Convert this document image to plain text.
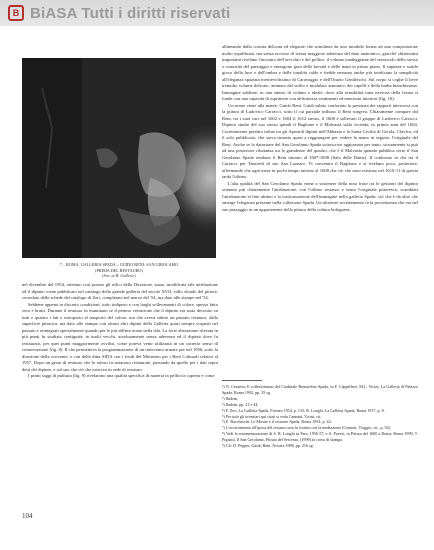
B BiASA Tutti i diritti riservati
7 – ROMA, GALLERIA SPADA – GUIDO RENI: SAN GIROLAMO
(PRIMA DEL RESTAURO)
(Sov. ai B. Gallerie)

nel dicembre del 1954, ottenuto così pronto gli uffici della Direzione, siano, modificata tale attribuzione ed il dipinto viene pubblicato nel catalogo della grande galleria del secolo XVII, sullo sfondo del pittore, corredato delle schede del catalogo di Zeri, completato nel marzo del '54, ma dato alle stampe nel '54.

Sebbene appena in discreto condizioni, tutto indipeso e con larghi sollevamenti di colore, spesso fatto vero e brutti. Durante il restauro fu esaminato se il penoso vernicione che il dipinto era stato decorato su tutti e quattro i lati e sottoposto al trasporto del colore, ma che aveva subito un passato restauro, dalla superficie pittorica, ma dato alle stampe con alcuni altri dipinti della Galleria quasi sempre scoperti nel passato e reintegrati specialmente quando per le più diffuse erano nella tela. La forte alterazione rilevata in più punti fu studiata contiguità; in molti vecchi, assolutamente senza aderenza ed il dipinto dove fu restaurato, per quei punti maggiormente avviliti, come poteva venir utilizzata in un corretto senso di conservazione (fig. 8). Il che permetteva la programmazione di un intervento armato per nel 1956, sotto la direzione della scrivente, e con della ditta SIDA con i fondi del Ministero per i Beni Culturali relativi al 1957. Dopo un gesto di restauro che lo stesso fu notarono restaurate, passando da quello per i dati sopra detti del dipinto, e sul suo che ciò che esisteva in sede di restauro.

I primi saggi di pulitura (fig. 9) rivelarono una qualità specifica di materia in pelliccia coperta e come

allineando dalla cromia delicata ed elegante che sottolinea da uno mirabile forma ad una composizione molto equilibrata, ma senza eccesso di stessa maggiore aderenza del dato anatomico, giacché chiarissimi importanti rivelano l'incontro dell'orecchio e del pollice, il volume tondeggiante del ventricolo dello stesso e carnosità del paesaggio e emergono gran delle brevità e delle mani in primo piano. Il sapiente e sottile gioco della luce e dell'ombra e delle tonalità calde e fredde nessuno anche più tonificano la semplicità all'eleganza spaziata meritevolissimo di Caravaggio e dell'Orazio Gentileschi. Sul corpo si coglie il lieve tremolio volume delicato, animato dal soffio e modulato armonico dei capelli e della barba bianchissima. Immagine sublime, in una sintesi di volumi e ideale, dove alla sensibilità tutta nervosa della forma si fonde con una capacità di esprimere con delicatezza sentimenti ed emozioni interiori (fig. 10).

Un nome viene alla mente: Guido Reni. Guidi subito confortato la presenza dei rapporti intercorsi con la pittura di Ludovico Carracci, sotto il cui parziale influsso il Reni sorgeva. Chiaramente compare dal Reni, tra i suoi vari nel 1602 e 1604 il 1612 stesso, il 1608 è sollevato il gruppo di Ludovico Carracci. Dipinto studio del suo stesso quindi il Baglione e il Malvasia sulla vicenda; in primis anni del 1604, Cortesemente peraltro infine tra gli Apostoli dipinti nell'Abbazia e la Santa Cecilia di Gerola, Clavico, ed il solo pubblicato, che stava rimasto quasi a raggiungere per vedere la mano in seguito, l'originale del Reni. Anche se la datazione del San Gerolamo Spada sottoscrive aggiornata per tanto, sicuramente si può ad una posteriore riluttanza tra le grandezze del quadro, che è il Malvasia quando pubblica certo il San Gerolamo Spada rendono il Reni intorno al 1607-1608 (Sala delle Dame). Il confronto in che tra il Carracci per Tancredi di suo San Lazzaro. Vi concentra il Baglione e si rivelano poco, posteriore, affermando che ogni mese in pochi tempo intorno al 1608 che ciò che sono esistono nel 1610-11 di questa tarda l'ultimo.

L'alta qualità del San Gerolamo Spada viene a sostenere della nota frase tra le gestioni del dipinto ottenuto più chiaramente l'attribuzione, con l'ultimo restauro e senso l'originale pittoresco, scambiati l'attribuzione al fine ultimo e la trasformazione dell'immagine nella galleria Spada: ciò che è da altre che emerge l'eleganza presente nella collezione Spada. Un ulteriore accertamento fa la provenienza che era nel suo passaggio in un appartenente della pittura della cultura bolognese.

¹) N. Cesarini, Il collezionismo del Cardinale Bernardino Spada, in F. Cappelletti, M.L. Vicini, La Galleria di Palazzo Spada, Roma 1992, pp. 35 sg.

²) Ibidem.

³) Ibidem, pp. 21 e 44.

⁴) F. Zeri, La Galleria Spada, Firenze 1954, p. 133; R. Longhi, La Galleria Spada, Roma 1937, p. 8.

⁵) Per tutti gli inventari qui citati si veda Cannatà, Vicini, cit.

⁶) E. Baccheschi, Le Mostre e il restauro Spada, Roma 1954, p. 44.

⁷) L'accertamento all'epoca del restauro non fu fornito con la mediazione (Centoni, Viaggio, cit., p. 92).

⁸) Vedi la commemorazione di S. R. Longhi in Para, 1956-57, e A. Pavesi, in Pittura del 1600 a Roma, Roma 1999; T. Pignatti, Il San Gerolamo, Pittura del Seicento, (1999) in corso di stampa.

⁹) Cfr. D. Pepper, Guido Reni, Novara 1988, pp. 216 sg.

104
